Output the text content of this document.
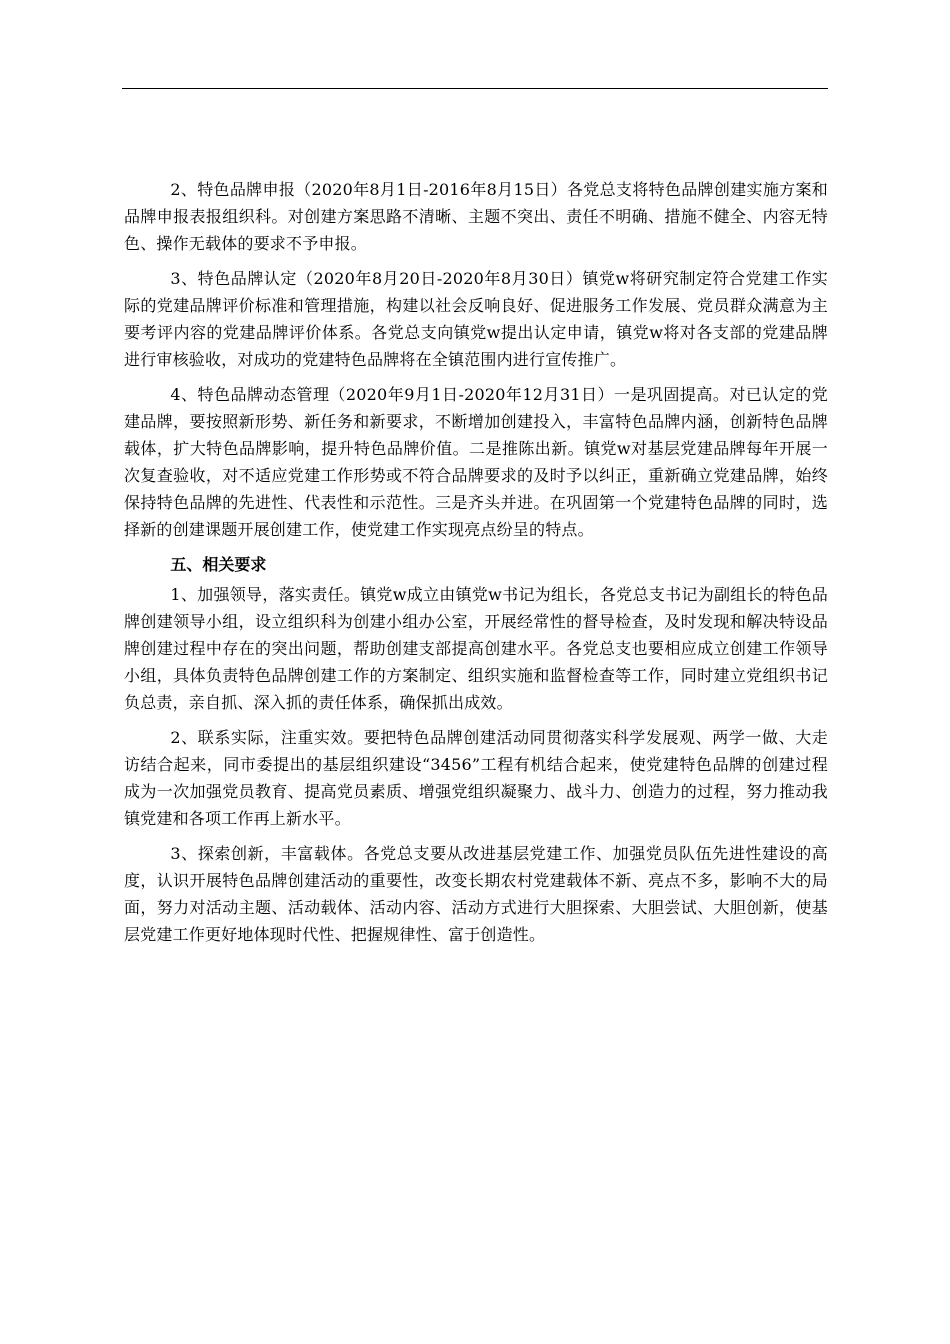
2、特色品牌申报（2020年8月1日-2016年8月15日）各党总支将特色品牌创建实施方案和品牌申报表报组织科。对创建方案思路不清晰、主题不突出、责任不明确、措施不健全、内容无特色、操作无载体的要求不予申报。

3、特色品牌认定（2020年8月20日-2020年8月30日）镇党w将研究制定符合党建工作实际的党建品牌评价标准和管理措施，构建以社会反响良好、促进服务工作发展、党员群众满意为主要考评内容的党建品牌评价体系。各党总支向镇党w提出认定申请，镇党w将对各支部的党建品牌进行审核验收，对成功的党建特色品牌将在全镇范围内进行宣传推广。

4、特色品牌动态管理（2020年9月1日-2020年12月31日）一是巩固提高。对已认定的党建品牌，要按照新形势、新任务和新要求，不断增加创建投入，丰富特色品牌内涵，创新特色品牌载体，扩大特色品牌影响，提升特色品牌价值。二是推陈出新。镇党w对基层党建品牌每年开展一次复查验收，对不适应党建工作形势或不符合品牌要求的及时予以纠正，重新确立党建品牌，始终保持特色品牌的先进性、代表性和示范性。三是齐头并进。在巩固第一个党建特色品牌的同时，选择新的创建课题开展创建工作，使党建工作实现亮点纷呈的特点。

五、相关要求

1、加强领导，落实责任。镇党w成立由镇党w书记为组长，各党总支书记为副组长的特色品牌创建领导小组，设立组织科为创建小组办公室，开展经常性的督导检查，及时发现和解决特设品牌创建过程中存在的突出问题，帮助创建支部提高创建水平。各党总支也要相应成立创建工作领导小组，具体负责特色品牌创建工作的方案制定、组织实施和监督检查等工作，同时建立党组织书记负总责，亲自抓、深入抓的责任体系，确保抓出成效。

2、联系实际，注重实效。要把特色品牌创建活动同贯彻落实科学发展观、两学一做、大走访结合起来，同市委提出的基层组织建设“3456”工程有机结合起来，使党建特色品牌的创建过程成为一次加强党员教育、提高党员素质、增强党组织凝聚力、战斗力、创造力的过程，努力推动我镇党建和各项工作再上新水平。

3、探索创新，丰富载体。各党总支要从改进基层党建工作、加强党员队伍先进性建设的高度，认识开展特色品牌创建活动的重要性，改变长期农村党建载体不新、亮点不多，影响不大的局面，努力对活动主题、活动载体、活动内容、活动方式进行大胆探索、大胆尝试、大胆创新，使基层党建工作更好地体现时代性、把握规律性、富于创造性。
